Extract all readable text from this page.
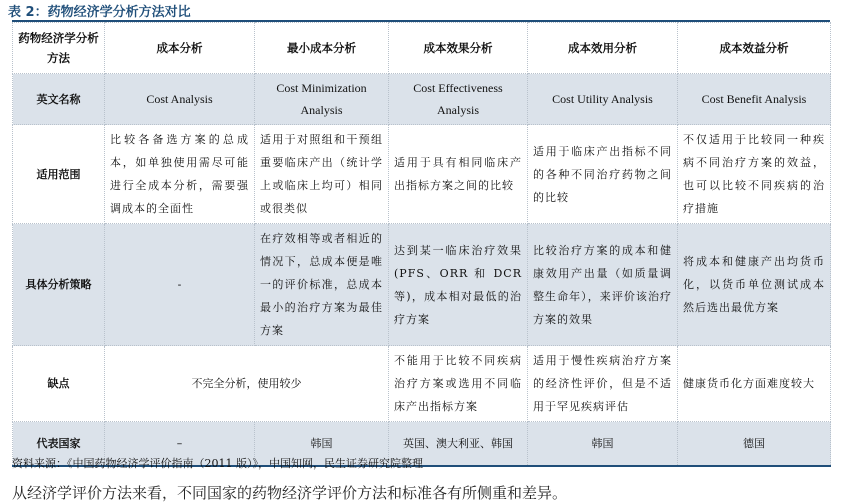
表 2：药物经济学分析方法对比
药物经济学分析方法	成本分析	最小成本分析	成本效果分析	成本效用分析	成本效益分析
英文名称	Cost Analysis	Cost Minimization Analysis	Cost Effectiveness Analysis	Cost Utility Analysis	Cost Benefit Analysis
适用范围	比较各备选方案的总成本，如单独使用需尽可能进行全成本分析，需要强调成本的全面性	适用于对照组和干预组重要临床产出（统计学上或临床上均可）相同或很类似	适用于具有相同临床产出指标方案之间的比较	适用于临床产出指标不同的各种不同治疗药物之间的比较	不仅适用于比较同一种疾病不同治疗方案的效益，也可以比较不同疾病的治疗措施
具体分析策略	-	在疗效相等或者相近的情况下，总成本便是唯一的评价标准，总成本最小的治疗方案为最佳方案	达到某一临床治疗效果(PFS、ORR 和 DCR 等)，成本相对最低的治疗方案	比较治疗方案的成本和健康效用产出量（如质量调整生命年），来评价该治疗方案的效果	将成本和健康产出均货币化，以货币单位测试成本然后选出最优方案
缺点	不完全分析，使用较少		不能用于比较不同疾病治疗方案或选用不同临床产出指标方案	适用于慢性疾病治疗方案的经济性评价，但是不适用于罕见疾病评估	健康货币化方面难度较大
代表国家	–	韩国	英国、澳大利亚、韩国	韩国	德国
资料来源：《中国药物经济学评价指南（2011 版）》，中国知网，民生证券研究院整理
从经济学评价方法来看，不同国家的药物经济学评价方法和标准各有所侧重和差异。
